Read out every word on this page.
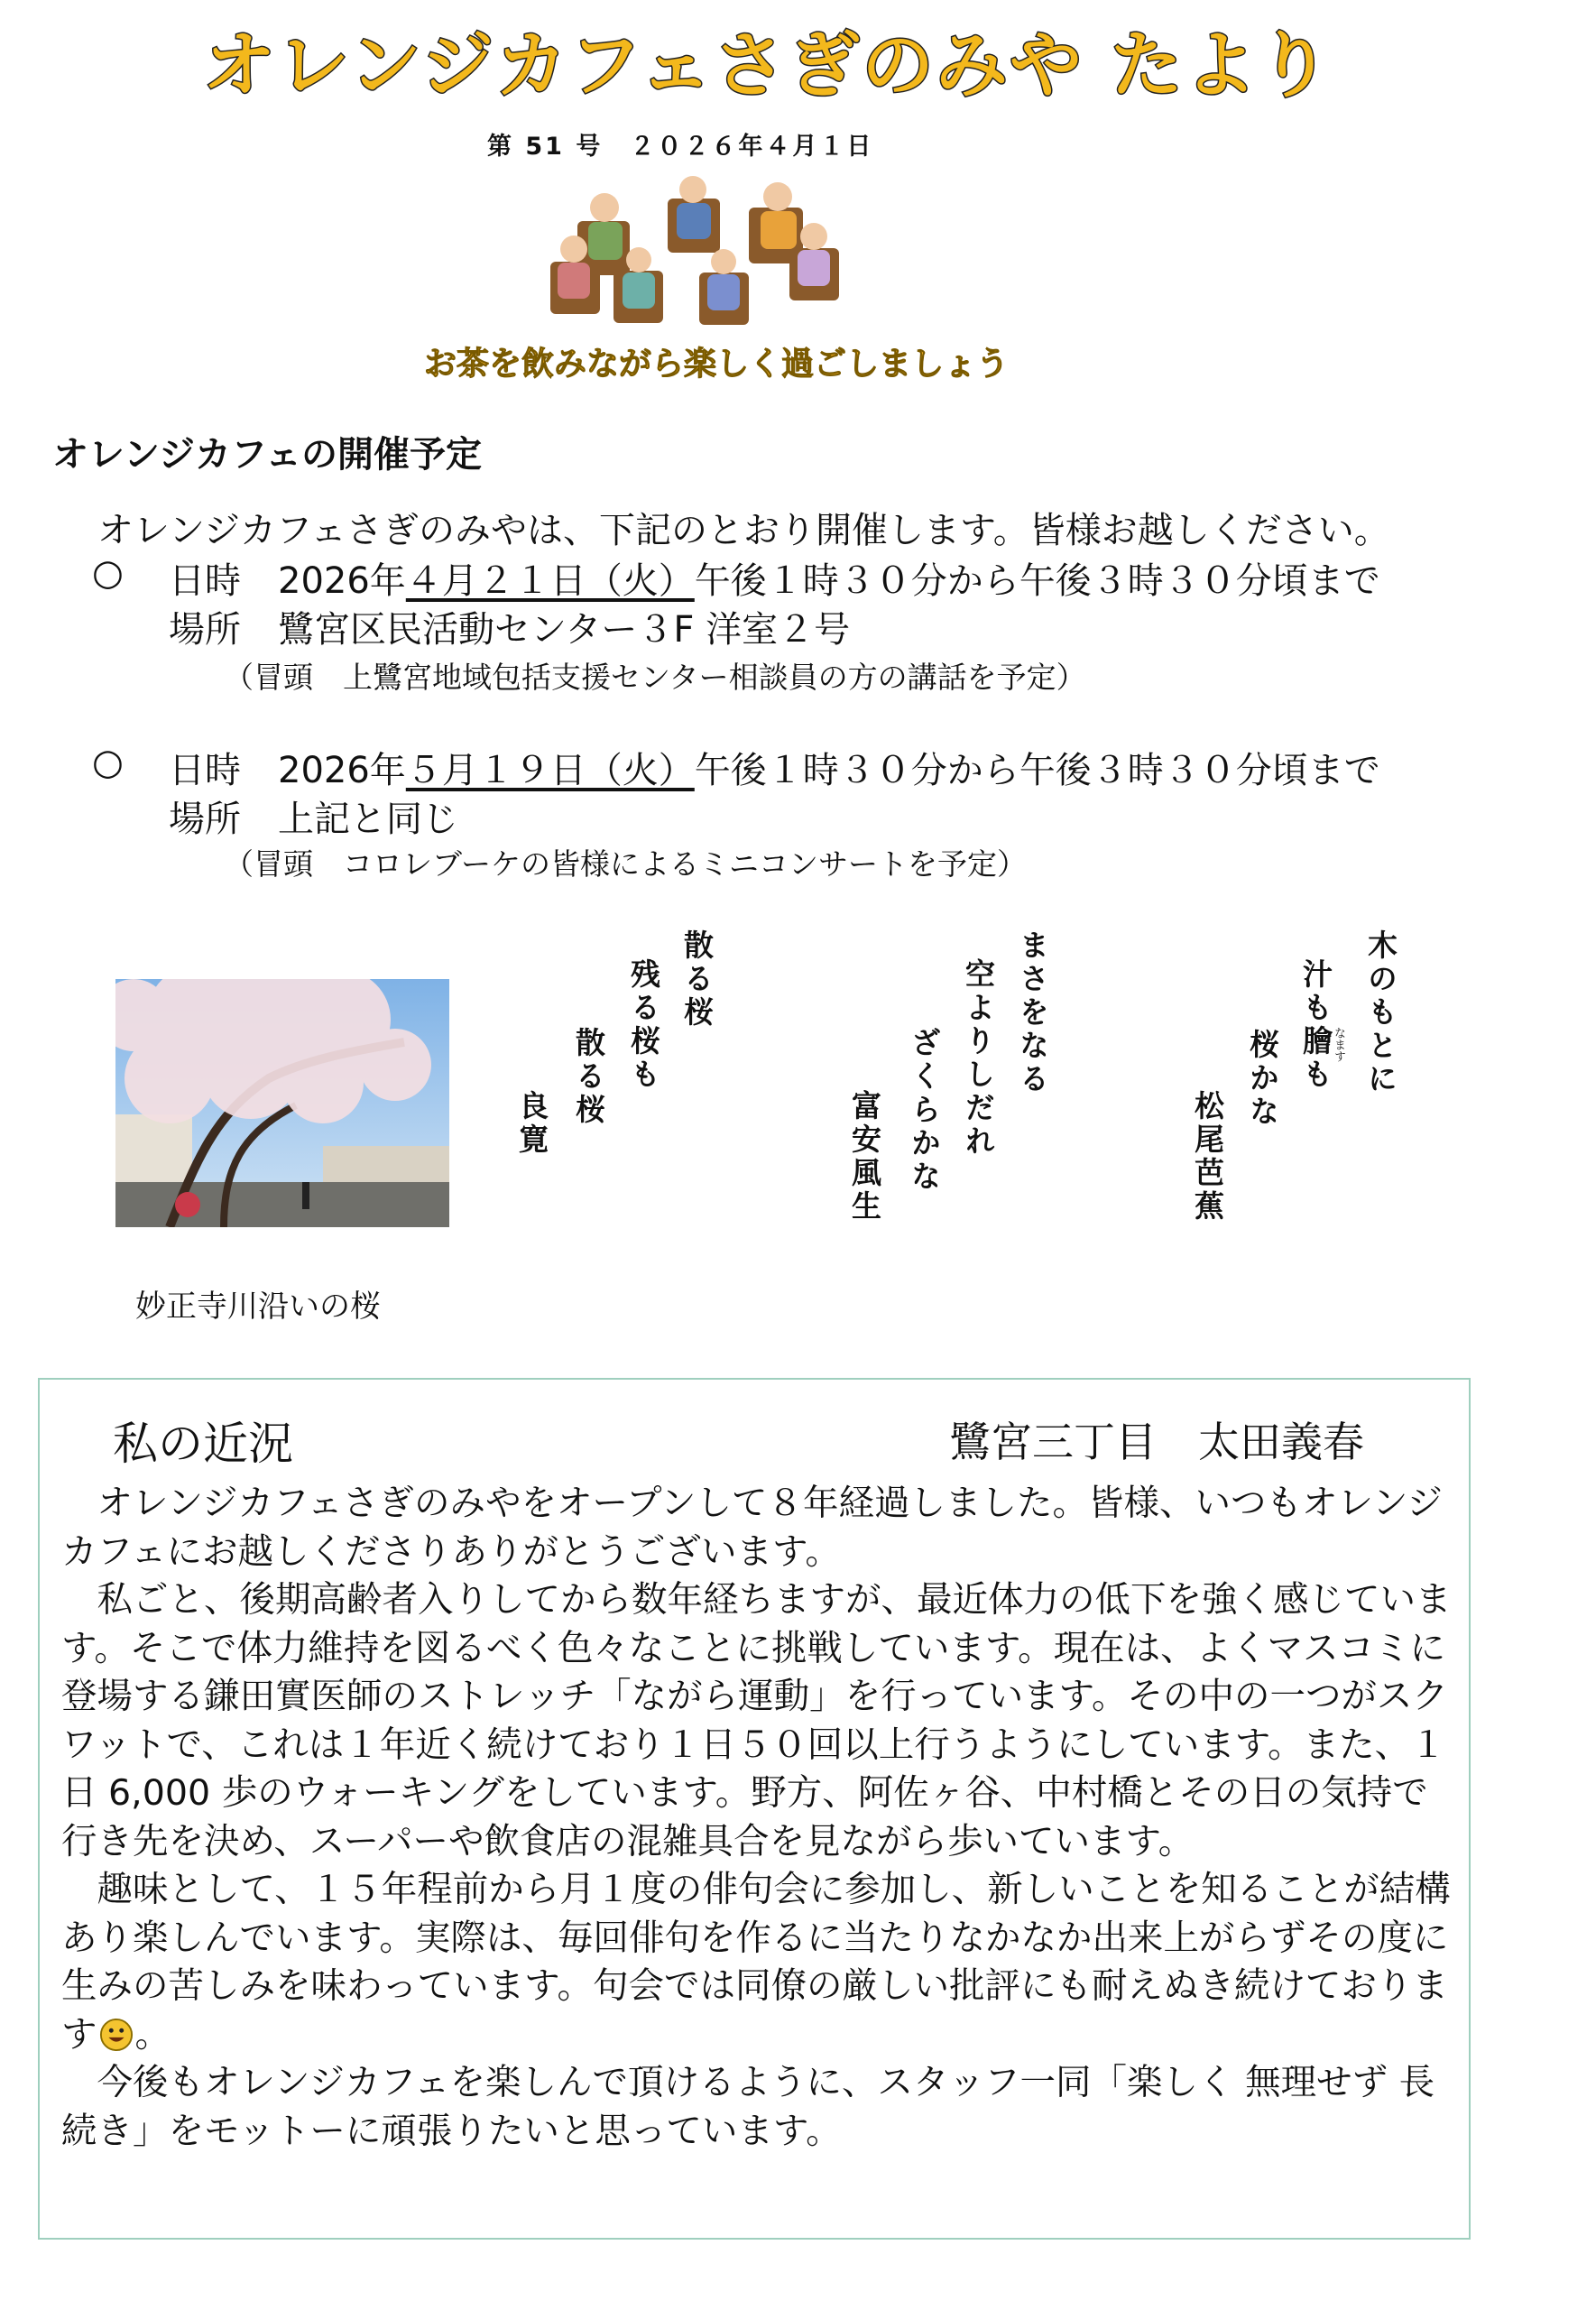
オレンジカフェさぎのみや たより
第 51 号　２０２６年４月１日
お茶を飲みながら楽しく過ごしましょう
オレンジカフェの開催予定
オレンジカフェさぎのみやは、下記のとおり開催します。皆様お越しください。
○ 日時 2026年４月２１日（火）午後１時３０分から午後３時３０分頃まで
場所 鷺宮区民活動センター３F 洋室２号
（冒頭　上鷺宮地域包括支援センター相談員の方の講話を予定）
○ 日時 2026年５月１９日（火）午後１時３０分から午後３時３０分頃まで
場所 上記と同じ
（冒頭　コロレブーケの皆様によるミニコンサートを予定）
妙正寺川沿いの桜
木のもとに
汁も膾も
なます
桜かな
松尾芭蕉
まさをなる
空よりしだれ
ざくらかな
富安風生
散る桜
残る桜も
散る桜
良寛
私の近況	鷺宮三丁目　太田義春

オレンジカフェさぎのみやをオープンして８年経過しました。皆様、いつもオレンジカフェにお越しくださりありがとうございます。

私ごと、後期高齢者入りしてから数年経ちますが、最近体力の低下を強く感じています。そこで体力維持を図るべく色々なことに挑戦しています。現在は、よくマスコミに登場する鎌田實医師のストレッチ「ながら運動」を行っています。その中の一つがスクワットで、これは１年近く続けており１日５０回以上行うようにしています。また、１日 6,000 歩のウォーキングをしています。野方、阿佐ヶ谷、中村橋とその日の気持で行き先を決め、スーパーや飲食店の混雑具合を見ながら歩いています。

趣味として、１５年程前から月１度の俳句会に参加し、新しいことを知ることが結構あり楽しんでいます。実際は、毎回俳句を作るに当たりなかなか出来上がらずその度に生みの苦しみを味わっています。句会では同僚の厳しい批評にも耐えぬき続けております 。

今後もオレンジカフェを楽しんで頂けるように、スタッフ一同「楽しく 無理せず 長続き」をモットーに頑張りたいと思っています。
